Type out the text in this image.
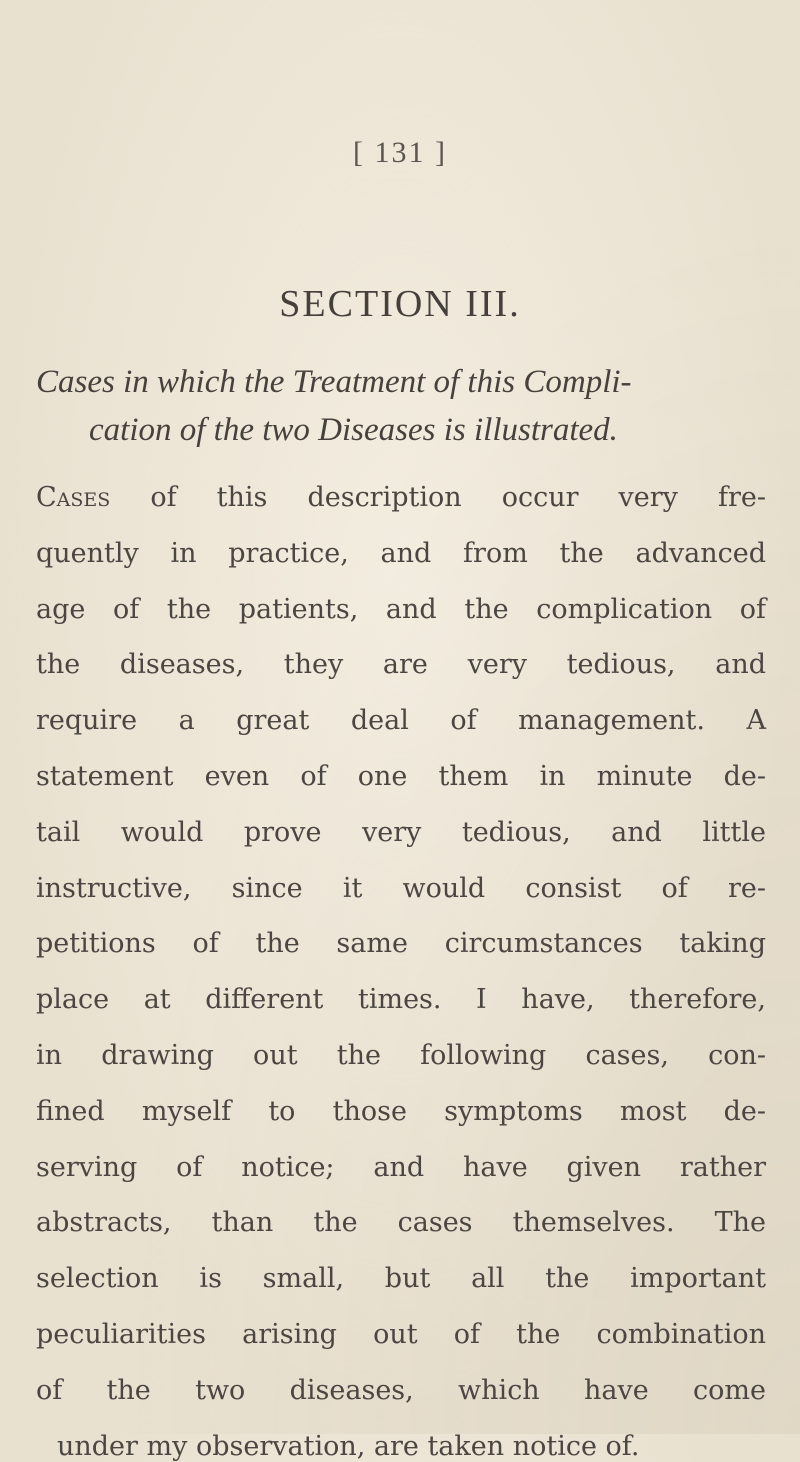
[ 131 ]
SECTION III.
Cases in which the Treatment of this Compli-
cation of the two Diseases is illustrated.
Cases of this description occur very fre-
quently in practice, and from the advanced
age of the patients, and the complication of
the diseases, they are very tedious, and
require a great deal of management. A
statement even of one them in minute de-
tail would prove very tedious, and little
instructive, since it would consist of re-
petitions of the same circumstances taking
place at different times. I have, therefore,
in drawing out the following cases, con-
fined myself to those symptoms most de-
serving of notice; and have given rather
abstracts, than the cases themselves. The
selection is small, but all the important
peculiarities arising out of the combination
of the two diseases, which have come
under my observation, are taken notice of.
